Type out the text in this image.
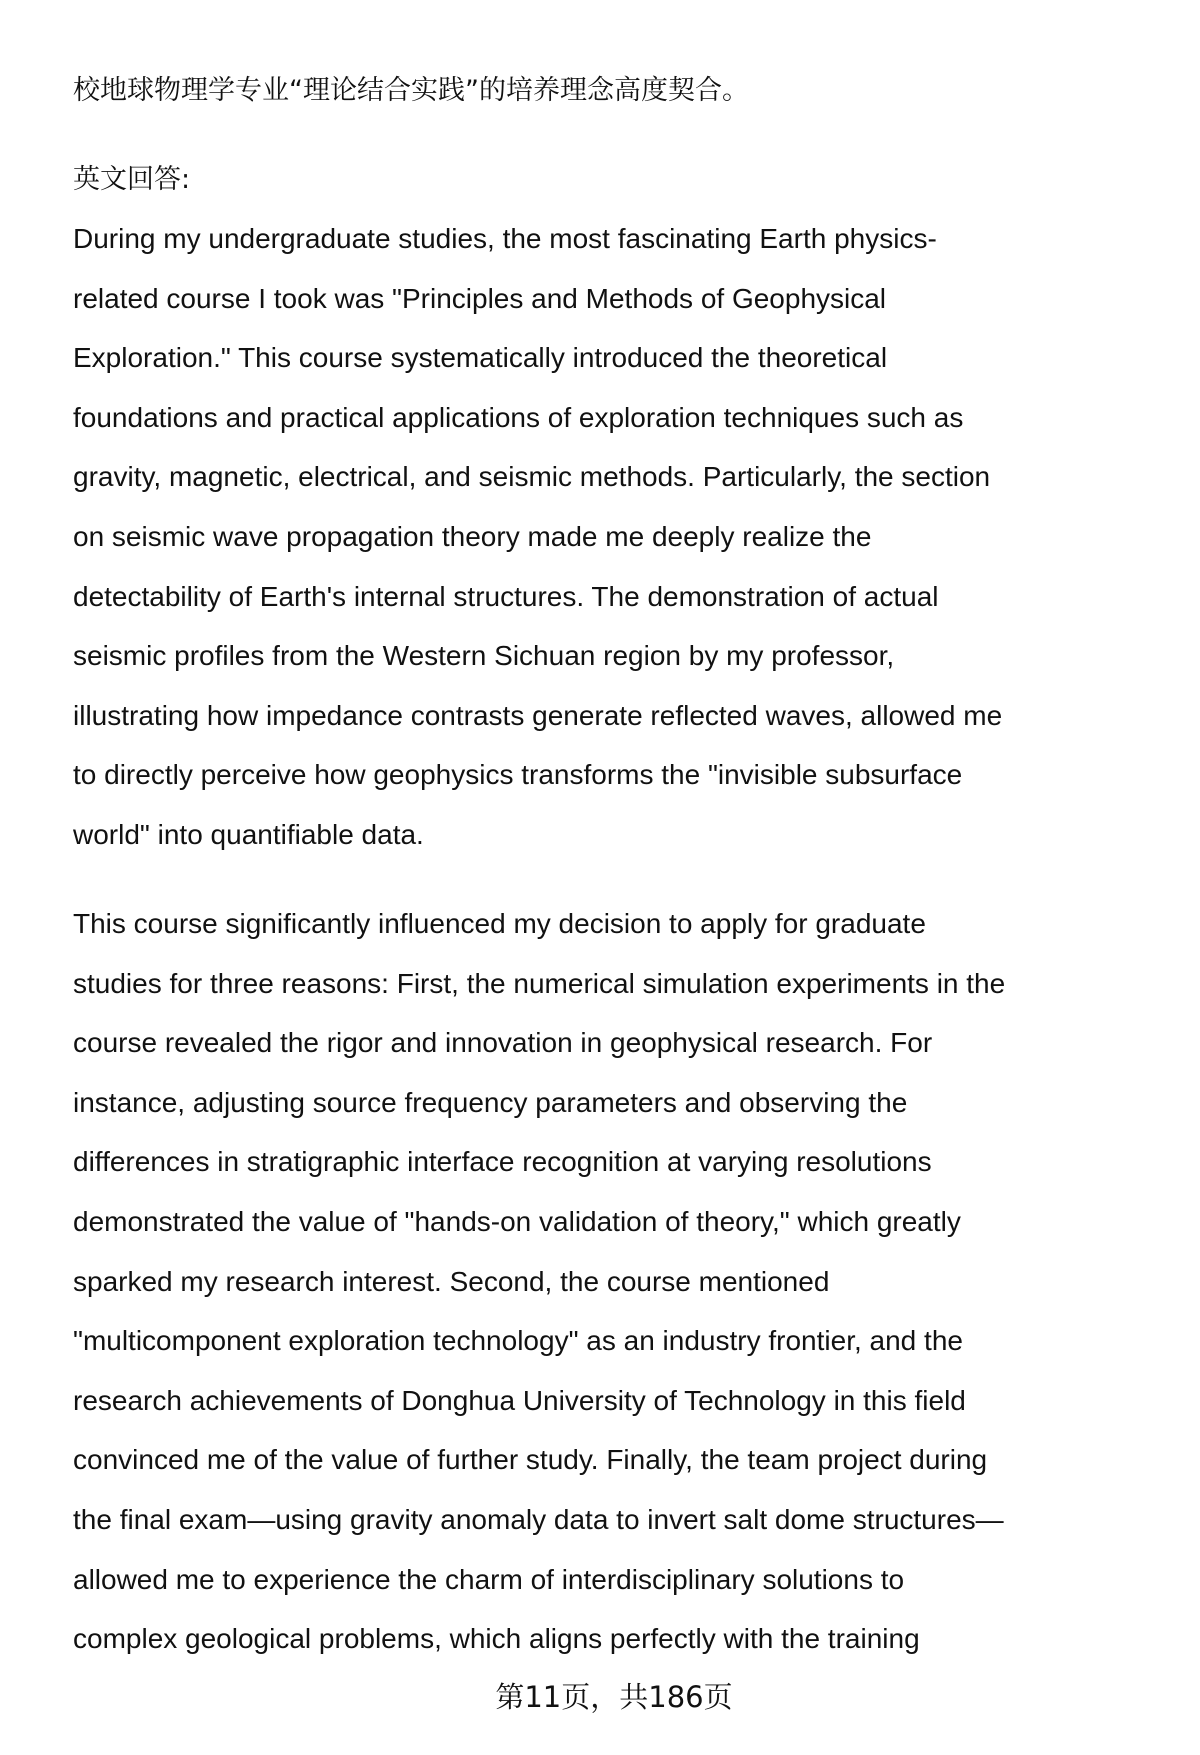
校地球物理学专业“理论结合实践”的培养理念高度契合。
英文回答:
During my undergraduate studies, the most fascinating Earth physics-
related course I took was "Principles and Methods of Geophysical
Exploration." This course systematically introduced the theoretical
foundations and practical applications of exploration techniques such as
gravity, magnetic, electrical, and seismic methods. Particularly, the section
on seismic wave propagation theory made me deeply realize the
detectability of Earth's internal structures. The demonstration of actual
seismic profiles from the Western Sichuan region by my professor,
illustrating how impedance contrasts generate reflected waves, allowed me
to directly perceive how geophysics transforms the "invisible subsurface
world" into quantifiable data.
This course significantly influenced my decision to apply for graduate
studies for three reasons: First, the numerical simulation experiments in the
course revealed the rigor and innovation in geophysical research. For
instance, adjusting source frequency parameters and observing the
differences in stratigraphic interface recognition at varying resolutions
demonstrated the value of "hands-on validation of theory," which greatly
sparked my research interest. Second, the course mentioned
"multicomponent exploration technology" as an industry frontier, and the
research achievements of Donghua University of Technology in this field
convinced me of the value of further study. Finally, the team project during
the final exam—using gravity anomaly data to invert salt dome structures—
allowed me to experience the charm of interdisciplinary solutions to
complex geological problems, which aligns perfectly with the training
第11页，共186页
